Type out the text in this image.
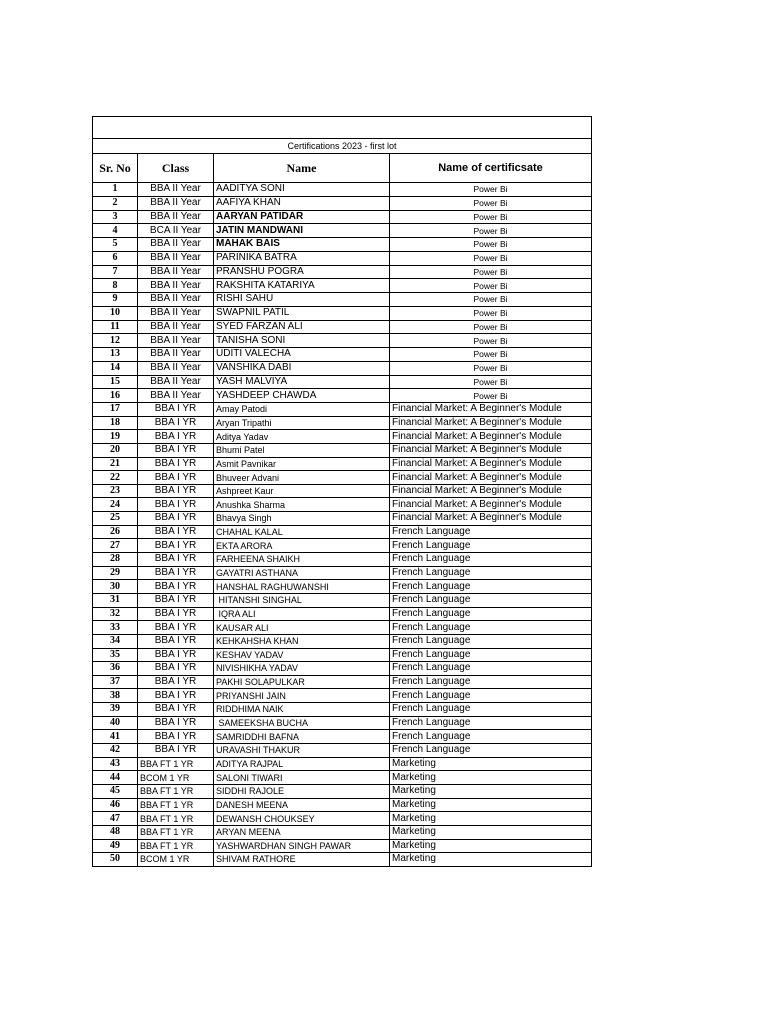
Certifications 2023 - first lot			
Sr. No	Class	Name	Name of certificsate
1	BBA II Year	AADITYA SONI	Power Bi
2	BBA II Year	AAFIYA KHAN	Power Bi
3	BBA II Year	AARYAN PATIDAR	Power Bi
4	BCA II Year	JATIN MANDWANI	Power Bi
5	BBA II Year	MAHAK BAIS	Power Bi
6	BBA II Year	PARINIKA BATRA	Power Bi
7	BBA II Year	PRANSHU POGRA	Power Bi
8	BBA II Year	RAKSHITA KATARIYA	Power Bi
9	BBA II Year	RISHI SAHU	Power Bi
10	BBA II Year	SWAPNIL PATIL	Power Bi
11	BBA II Year	SYED FARZAN ALI	Power Bi
12	BBA II Year	TANISHA SONI	Power Bi
13	BBA II Year	UDITI VALECHA	Power Bi
14	BBA II Year	VANSHIKA DABI	Power Bi
15	BBA II Year	YASH MALVIYA	Power Bi
16	BBA II Year	YASHDEEP CHAWDA	Power Bi
17	BBA I YR	Amay Patodi	Financial Market: A Beginner's Module
18	BBA I YR	Aryan Tripathi	Financial Market: A Beginner's Module
19	BBA I YR	Aditya Yadav	Financial Market: A Beginner's Module
20	BBA I YR	Bhumi Patel	Financial Market: A Beginner's Module
21	BBA I YR	Asmit Pavnikar	Financial Market: A Beginner's Module
22	BBA I YR	Bhuveer Advani	Financial Market: A Beginner's Module
23	BBA I YR	Ashpreet Kaur	Financial Market: A Beginner's Module
24	BBA I YR	Anushka Sharma	Financial Market: A Beginner's Module
25	BBA I YR	Bhavya Singh	Financial Market: A Beginner's Module
26	BBA I YR	CHAHAL KALAL	French Language
27	BBA I YR	EKTA ARORA	French Language
28	BBA I YR	FARHEENA SHAIKH	French Language
29	BBA I YR	GAYATRI ASTHANA	French Language
30	BBA I YR	HANSHAL RAGHUWANSHI	French Language
31	BBA I YR	HITANSHI SINGHAL	French Language
32	BBA I YR	IQRA ALI	French Language
33	BBA I YR	KAUSAR ALI	French Language
34	BBA I YR	KEHKAHSHA KHAN	French Language
35	BBA I YR	KESHAV YADAV	French Language
36	BBA I YR	NIVISHIKHA YADAV	French Language
37	BBA I YR	PAKHI SOLAPULKAR	French Language
38	BBA I YR	PRIYANSHI JAIN	French Language
39	BBA I YR	RIDDHIMA NAIK	French Language
40	BBA I YR	SAMEEKSHA BUCHA	French Language
41	BBA I YR	SAMRIDDHI BAFNA	French Language
42	BBA I YR	URAVASHI THAKUR	French Language
43	BBA FT 1 YR	ADITYA RAJPAL	Marketing
44	BCOM 1 YR	SALONI TIWARI	Marketing
45	BBA FT 1 YR	SIDDHI RAJOLE	Marketing
46	BBA FT 1 YR	DANESH MEENA	Marketing
47	BBA FT 1 YR	DEWANSH CHOUKSEY	Marketing
48	BBA FT 1 YR	ARYAN MEENA	Marketing
49	BBA FT 1 YR	YASHWARDHAN SINGH PAWAR	Marketing
50	BCOM 1 YR	SHIVAM RATHORE	Marketing
